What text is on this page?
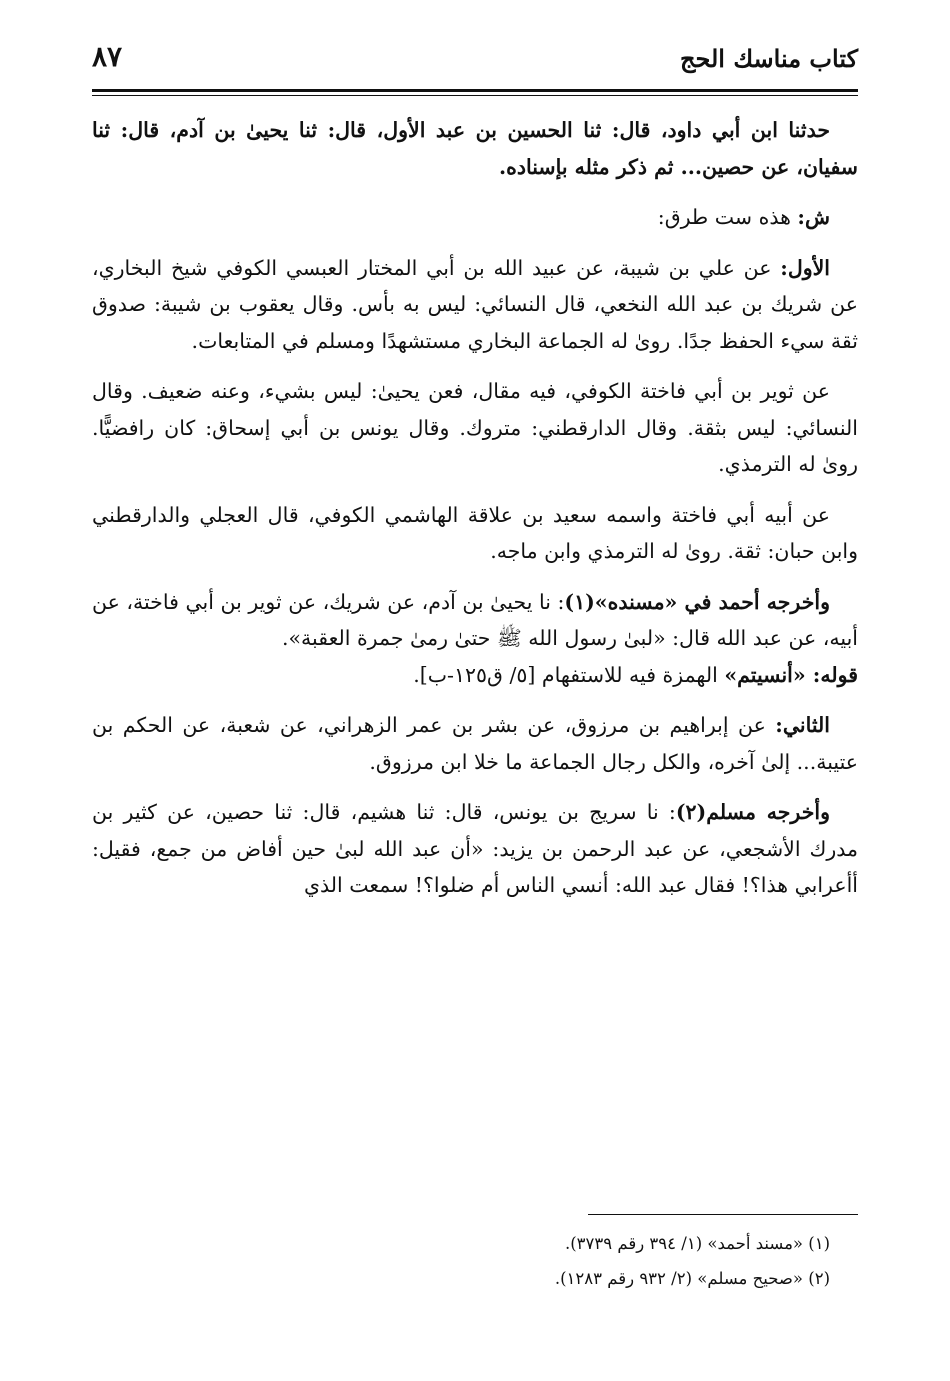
كتاب مناسك الحج
٨٧

حدثنا ابن أبي داود، قال: ثنا الحسين بن عبد الأول، قال: ثنا يحيىٰ بن آدم، قال: ثنا سفيان، عن حصين... ثم ذكر مثله بإسناده.

ش: هذه ست طرق:

الأول: عن علي بن شيبة، عن عبيد الله بن أبي المختار العبسي الكوفي شيخ البخاري، عن شريك بن عبد الله النخعي، قال النسائي: ليس به بأس. وقال يعقوب بن شيبة: صدوق ثقة سيء الحفظ جدًا. روىٰ له الجماعة البخاري مستشهدًا ومسلم في المتابعات.

عن ثوير بن أبي فاختة الكوفي، فيه مقال، فعن يحيىٰ: ليس بشيء، وعنه ضعيف. وقال النسائي: ليس بثقة. وقال الدارقطني: متروك. وقال يونس بن أبي إسحاق: كان رافضيًّا. روىٰ له الترمذي.

عن أبيه أبي فاختة واسمه سعيد بن علاقة الهاشمي الكوفي، قال العجلي والدارقطني وابن حبان: ثقة. روىٰ له الترمذي وابن ماجه.

وأخرجه أحمد في «مسنده»(١): نا يحيىٰ بن آدم، عن شريك، عن ثوير بن أبي فاختة، عن أبيه، عن عبد الله قال: «لبىٰ رسول الله ﷺ حتىٰ رمىٰ جمرة العقبة».
قوله: «أنسيتم» الهمزة فيه للاستفهام [٥/ ق١٢٥-ب].

الثاني: عن إبراهيم بن مرزوق، عن بشر بن عمر الزهراني، عن شعبة، عن الحكم بن عتيبة... إلىٰ آخره، والكل رجال الجماعة ما خلا ابن مرزوق.

وأخرجه مسلم(٢): نا سريج بن يونس، قال: ثنا هشيم، قال: ثنا حصين، عن كثير بن مدرك الأشجعي، عن عبد الرحمن بن يزيد: «أن عبد الله لبىٰ حين أفاض من جمع، فقيل: أأعرابي هذا؟! فقال عبد الله: أنسي الناس أم ضلوا؟! سمعت الذي

(١) «مسند أحمد» (١/ ٣٩٤ رقم ٣٧٣٩).
(٢) «صحيح مسلم» (٢/ ٩٣٢ رقم ١٢٨٣).
